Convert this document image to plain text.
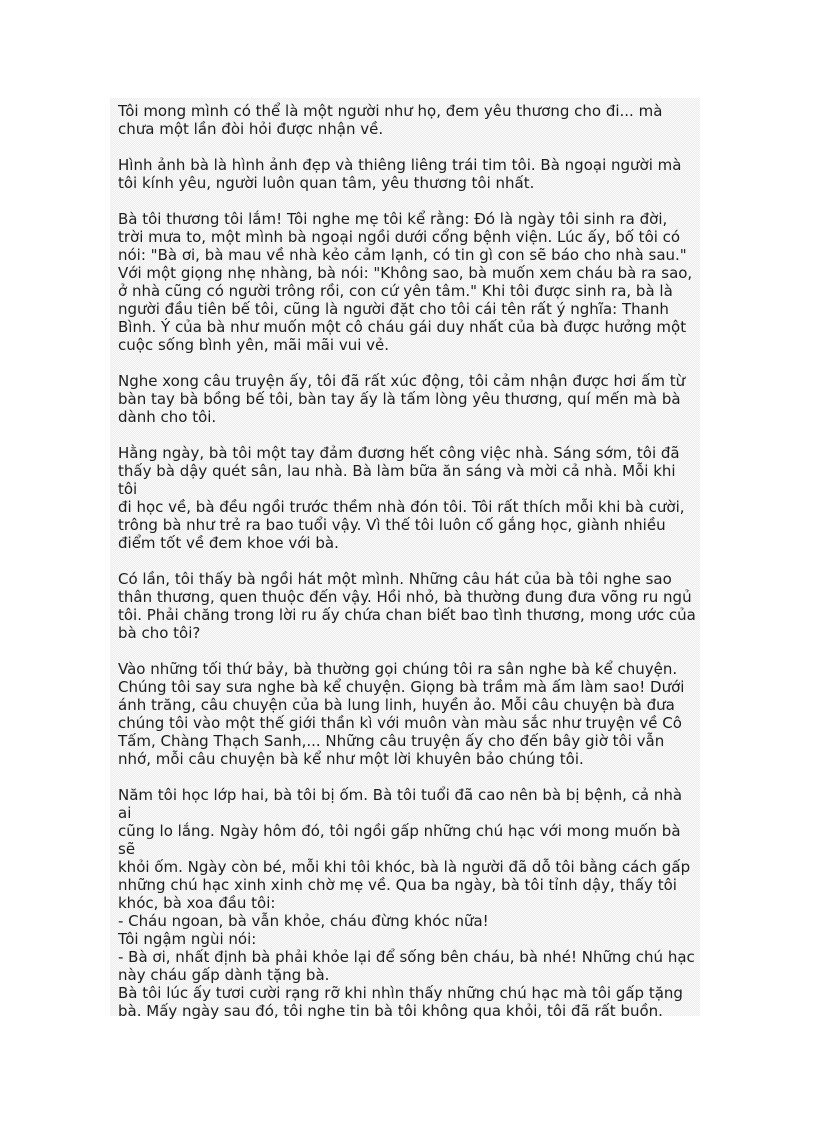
Tôi mong mình có thể là một người như họ, đem yêu thương cho đi... mà
chưa một lần đòi hỏi được nhận về.

Hình ảnh bà là hình ảnh đẹp và thiêng liêng trái tim tôi. Bà ngoại người mà
tôi kính yêu, người luôn quan tâm, yêu thương tôi nhất.

Bà tôi thương tôi lắm! Tôi nghe mẹ tôi kể rằng: Đó là ngày tôi sinh ra đời,
trời mưa to, một mình bà ngoại ngồi dưới cổng bệnh viện. Lúc ấy, bố tôi có
nói: "Bà ơi, bà mau về nhà kẻo cảm lạnh, có tin gì con sẽ báo cho nhà sau."
Với một giọng nhẹ nhàng, bà nói: "Không sao, bà muốn xem cháu bà ra sao,
ở nhà cũng có người trông rồi, con cứ yên tâm." Khi tôi được sinh ra, bà là
người đầu tiên bế tôi, cũng là người đặt cho tôi cái tên rất ý nghĩa: Thanh
Bình. Ý của bà như muốn một cô cháu gái duy nhất của bà được hưởng một
cuộc sống bình yên, mãi mãi vui vẻ.

Nghe xong câu truyện ấy, tôi đã rất xúc động, tôi cảm nhận được hơi ấm từ
bàn tay bà bồng bế tôi, bàn tay ấy là tấm lòng yêu thương, quí mến mà bà
dành cho tôi.

Hằng ngày, bà tôi một tay đảm đương hết công việc nhà. Sáng sớm, tôi đã
thấy bà dậy quét sân, lau nhà. Bà làm bữa ăn sáng và mời cả nhà. Mỗi khi tôi
đi học về, bà đều ngồi trước thềm nhà đón tôi. Tôi rất thích mỗi khi bà cười,
trông bà như trẻ ra bao tuổi vậy. Vì thế tôi luôn cố gắng học, giành nhiều
điểm tốt về đem khoe với bà.

Có lần, tôi thấy bà ngồi hát một mình. Những câu hát của bà tôi nghe sao
thân thương, quen thuộc đến vậy. Hồi nhỏ, bà thường đung đưa võng ru ngủ
tôi. Phải chăng trong lời ru ấy chứa chan biết bao tình thương, mong ước của
bà cho tôi?

Vào những tối thứ bảy, bà thường gọi chúng tôi ra sân nghe bà kể chuyện.
Chúng tôi say sưa nghe bà kể chuyện. Giọng bà trầm mà ấm làm sao! Dưới
ánh trăng, câu chuyện của bà lung linh, huyền ảo. Mỗi câu chuyện bà đưa
chúng tôi vào một thế giới thần kì với muôn vàn màu sắc như truyện về Cô
Tấm, Chàng Thạch Sanh,... Những câu truyện ấy cho đến bây giờ tôi vẫn
nhớ, mỗi câu chuyện bà kể như một lời khuyên bảo chúng tôi.

Năm tôi học lớp hai, bà tôi bị ốm. Bà tôi tuổi đã cao nên bà bị bệnh, cả nhà ai
cũng lo lắng. Ngày hôm đó, tôi ngồi gấp những chú hạc với mong muốn bà sẽ
khỏi ốm. Ngày còn bé, mỗi khi tôi khóc, bà là người đã dỗ tôi bằng cách gấp
những chú hạc xinh xinh chờ mẹ về. Qua ba ngày, bà tôi tỉnh dậy, thấy tôi
khóc, bà xoa đầu tôi:
- Cháu ngoan, bà vẫn khỏe, cháu đừng khóc nữa!
Tôi ngậm ngùi nói:
- Bà ơi, nhất định bà phải khỏe lại để sống bên cháu, bà nhé! Những chú hạc
này cháu gấp dành tặng bà.
Bà tôi lúc ấy tươi cười rạng rỡ khi nhìn thấy những chú hạc mà tôi gấp tặng
bà. Mấy ngày sau đó, tôi nghe tin bà tôi không qua khỏi, tôi đã rất buồn.
